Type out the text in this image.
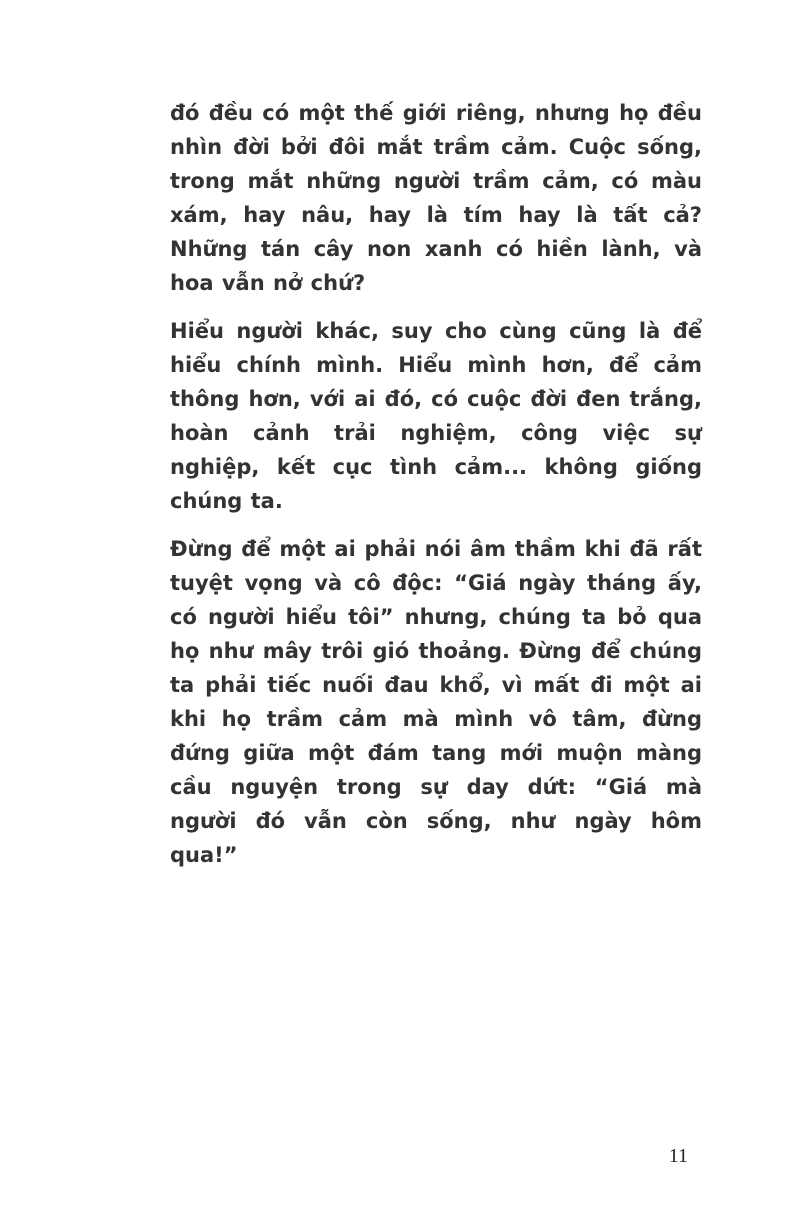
đó đều có một thế giới riêng, nhưng họ đều nhìn đời bởi đôi mắt trầm cảm. Cuộc sống, trong mắt những người trầm cảm, có màu xám, hay nâu, hay là tím hay là tất cả? Những tán cây non xanh có hiền lành, và hoa vẫn nở chứ?

Hiểu người khác, suy cho cùng cũng là để hiểu chính mình. Hiểu mình hơn, để cảm thông hơn, với ai đó, có cuộc đời đen trắng, hoàn cảnh trải nghiệm, công việc sự nghiệp, kết cục tình cảm... không giống chúng ta.

Đừng để một ai phải nói âm thầm khi đã rất tuyệt vọng và cô độc: “Giá ngày tháng ấy, có người hiểu tôi” nhưng, chúng ta bỏ qua họ như mây trôi gió thoảng. Đừng để chúng ta phải tiếc nuối đau khổ, vì mất đi một ai khi họ trầm cảm mà mình vô tâm, đừng đứng giữa một đám tang mới muộn màng cầu nguyện trong sự day dứt: “Giá mà người đó vẫn còn sống, như ngày hôm qua!”

11
